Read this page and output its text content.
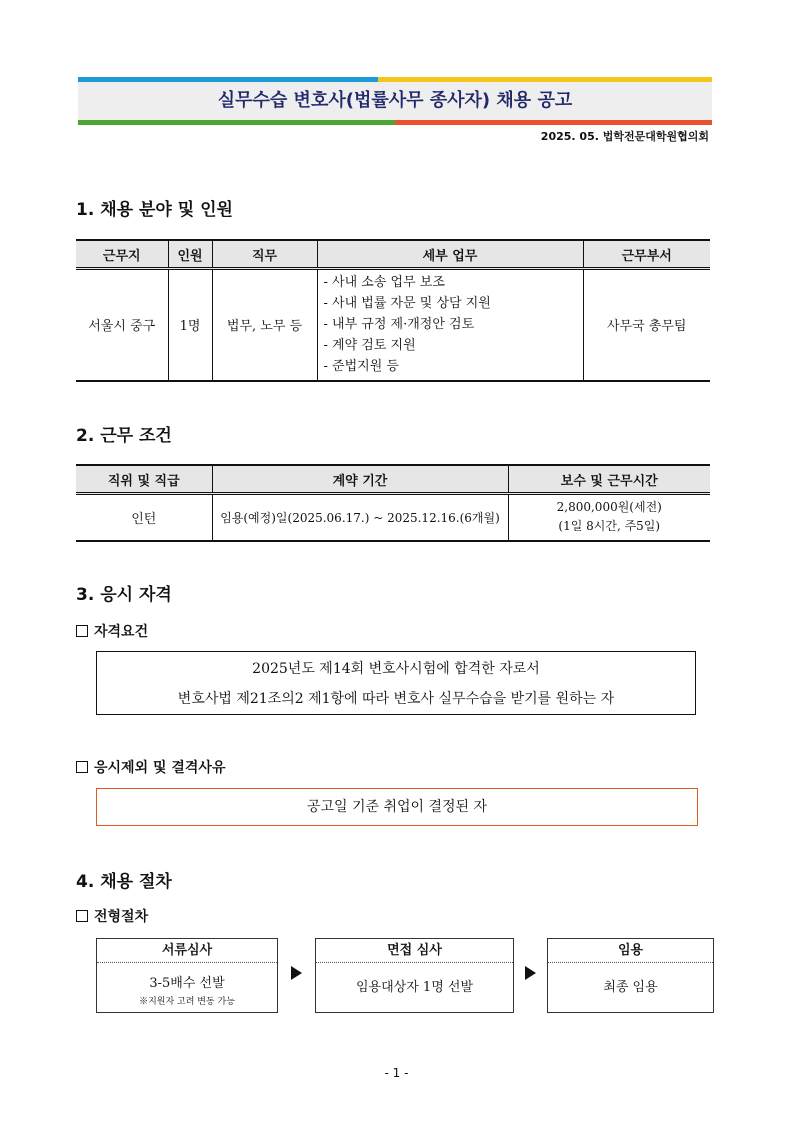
실무수습 변호사(법률사무 종사자) 채용 공고
2025. 05. 법학전문대학원협의회
1. 채용 분야 및 인원
근무지	인원	직무	세부 업무	근무부서
서울시 중구	1명	법무, 노무 등	- 사내 소송 업무 보조
- 사내 법률 자문 및 상담 지원
- 내부 규정 제·개정안 검토
- 계약 검토 지원
- 준법지원 등	사무국 총무팀
2. 근무 조건
직위 및 직급	계약 기간	보수 및 근무시간
인턴	임용(예정)일(2025.06.17.) ~ 2025.12.16.(6개월)	2,800,000원(세전)
(1일 8시간, 주5일)
3. 응시 자격
자격요건
2025년도 제14회 변호사시험에 합격한 자로서
변호사법 제21조의2 제1항에 따라 변호사 실무수습을 받기를 원하는 자
응시제외 및 결격사유
공고일 기준 취업이 결정된 자
4. 채용 절차
전형절차
서류심사
3-5배수 선발
※지원자 고려 변동 가능
면접 심사
임용대상자 1명 선발
임용
최종 임용
- 1 -
